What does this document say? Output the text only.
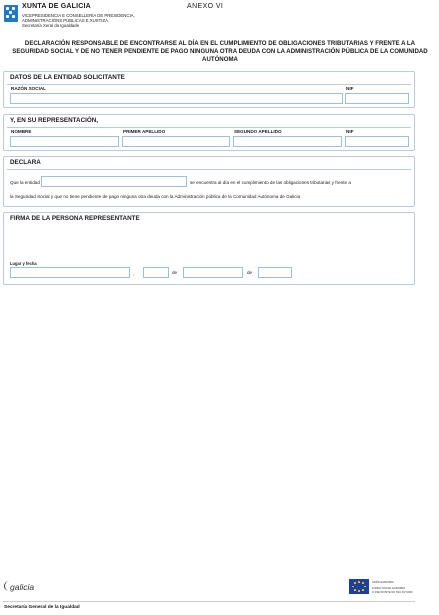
XUNTA DE GALICIA
VICEPRESIDENCIA E CONSELLERÍA DE PRESIDENCIA,
ADMINISTRACIÓNS PÚBLICAS E XUSTIZA
Secretaría Xeral da Igualdade
ANEXO VI
DECLARACIÓN RESPONSABLE DE ENCONTRARSE AL DÍA EN EL CUMPLIMIENTO DE OBLIGACIONES TRIBUTARIAS Y FRENTE A LA SEGURIDAD SOCIAL Y DE NO TENER PENDIENTE DE PAGO NINGUNA OTRA DEUDA CON LA ADMINISTRACIÓN PÚBLICA DE LA COMUNIDAD AUTÓNOMA
DATOS DE LA ENTIDAD SOLICITANTE
RAZÓN SOCIAL	NIF
Y, EN SU REPRESENTACIÓN,
NOMBRE	PRIMER APELLIDO	SEGUNDO APELLIDO	NIF
DECLARA
Que la entidad	se encuentra al día en el cumplimiento de las obligaciones tributarias y frente a
la Seguridad Social y que no tiene pendiente de pago ninguna otra deuda con la Administración pública de la Comunidad Autónoma de Galicia
FIRMA DE LA PERSONA REPRESENTANTE
Lugar y fecha
,	de	de
galicia	UNIÓN EUROPEA
FONDO SOCIAL EUROPEO
O FSE INVISTE NO TEU FUTURO
Secretaría General de la Igualdad
